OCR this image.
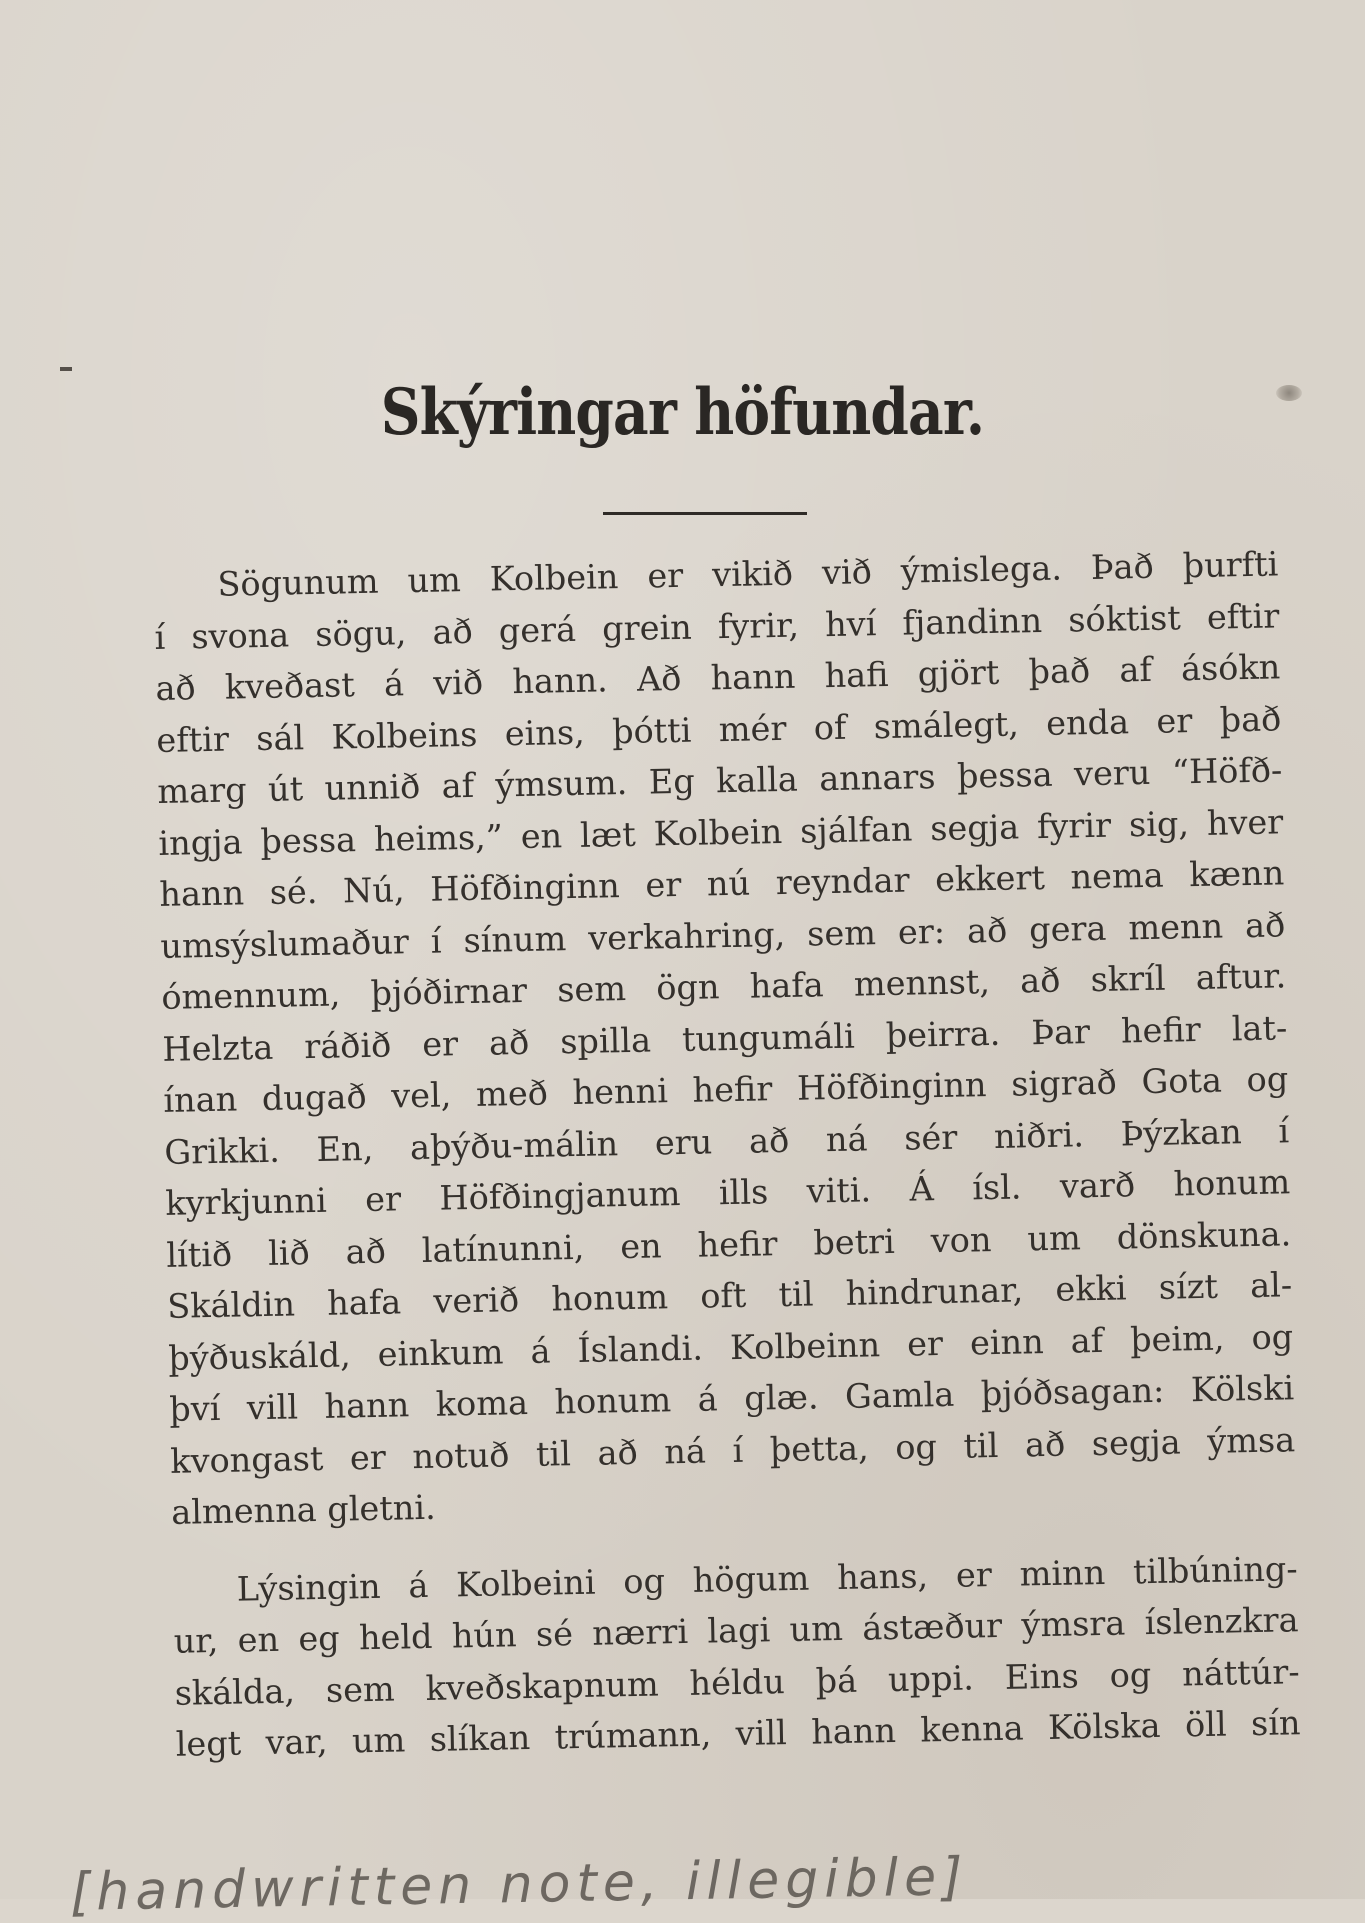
Skýringar höfundar.
Sögunum um Kolbein er vikið við ýmislega. Það þurfti
í svona sögu, að gerá grein fyrir, hví fjandinn sóktist eftir
að kveðast á við hann. Að hann hafi gjört það af ásókn
eftir sál Kolbeins eins, þótti mér of smálegt, enda er það
marg út unnið af ýmsum. Eg kalla annars þessa veru “Höfð-
ingja þessa heims,” en læt Kolbein sjálfan segja fyrir sig, hver
hann sé. Nú, Höfðinginn er nú reyndar ekkert nema kænn
umsýslumaður í sínum verkahring, sem er: að gera menn að
ómennum, þjóðirnar sem ögn hafa mennst, að skríl aftur.
Helzta ráðið er að spilla tungumáli þeirra. Þar hefir lat-
ínan dugað vel, með henni hefir Höfðinginn sigrað Gota og
Grikki. En, aþýðu-málin eru að ná sér niðri. Þýzkan í
kyrkjunni er Höfðingjanum ills viti. Á ísl. varð honum
lítið lið að latínunni, en hefir betri von um dönskuna.
Skáldin hafa verið honum oft til hindrunar, ekki sízt al-
þýðuskáld, einkum á Íslandi. Kolbeinn er einn af þeim, og
því vill hann koma honum á glæ. Gamla þjóðsagan: Kölski
kvongast er notuð til að ná í þetta, og til að segja ýmsa
almenna gletni.
Lýsingin á Kolbeini og högum hans, er minn tilbúning-
ur, en eg held hún sé nærri lagi um ástæður ýmsra íslenzkra
skálda, sem kveðskapnum héldu þá uppi. Eins og náttúr-
legt var, um slíkan trúmann, vill hann kenna Kölska öll sín
[handwritten note, illegible]
